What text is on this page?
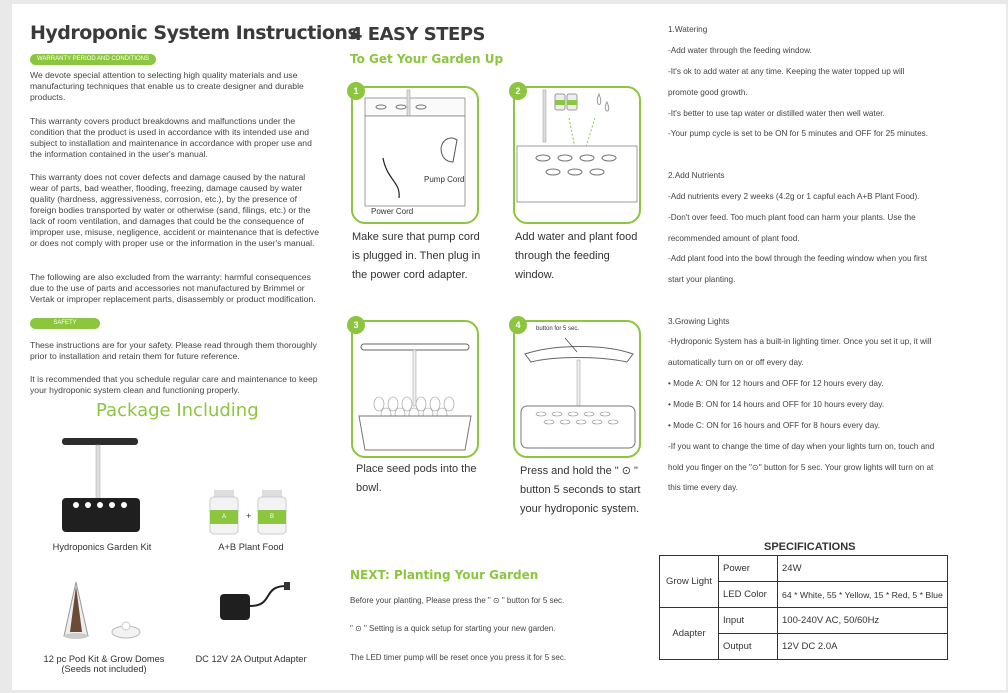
Hydroponic System Instructions
WARRANTY PERIOD AND CONDITIONS
We devote special attention to selecting high quality materials and use manufacturing techniques that enable us to create designer and durable products.
This warranty covers product breakdowns and malfunctions under the condition that the product is used in accordance with its intended use and subject to installation and maintenance in accordance with proper use and the information contained in the user's manual.
This warranty does not cover defects and damage caused by the natural wear of parts, bad weather, flooding, freezing, damage caused by water quality (hardness, aggressiveness, corrosion, etc.), by the presence of foreign bodies transported by water or otherwise (sand, filings, etc.) or the lack of room ventilation, and damages that could be the consequence of improper use, misuse, negligence, accident or maintenance that is defective or does not comply with proper use or the information in the user's manual.
The following are also excluded from the warranty: harmful consequences due to the use of parts and accessories not manufactured by Brimmel or Vertak or improper replacement parts, disassembly or product modification.
SAFETY
These instructions are for your safety. Please read through them thoroughly prior to installation and retain them for future reference.
It is recommended that you schedule regular care and maintenance to keep your hydroponic system clean and functioning properly.
Package Including
Hydroponics Garden Kit
A +	B
A+B Plant Food
12 pc Pod Kit & Grow Domes
(Seeds not included)
DC 12V 2A Output Adapter
4 EASY STEPS
To Get Your Garden Up
1
Pump Cord
Power Cord
Make sure that pump cord is plugged in. Then plug in the power cord adapter.
2
Add water and plant food through the feeding window.
3
Place seed pods into the bowl.
4	button for 5 sec.
Press and hold the " ⊙ " button 5 seconds to start your hydroponic system.
NEXT: Planting Your Garden
Before your planting, Please press the " ⊙ " button for 5 sec.
" ⊙ " Setting is a quick setup for starting your new garden.
The LED timer pump will be reset once you press it for 5 sec.
1.Watering
-Add water through the feeding window.
-It's ok to add water at any time. Keeping the water topped up will
promote good growth.
-It's better to use tap water or distilled water then well water.
-Your pump cycle is set to be ON for 5 minutes and OFF for 25 minutes.
2.Add Nutrients
-Add nutrients every 2 weeks (4.2g or 1 capful each A+B Plant Food).
-Don't over feed. Too much plant food can harm your plants. Use the
recommended amount of plant food.
-Add plant food into the bowl through the feeding window when you first
start your planting.
3.Growing Lights
-Hydroponic System has a built-in lighting timer. Once you set it up, it will
automatically turn on or off every day.
• Mode A: ON for 12 hours and OFF for 12 hours every day.
• Mode B: ON for 14 hours and OFF for 10 hours every day.
• Mode C: ON for 16 hours and OFF for 8 hours every day.
-If you want to change the time of day when your lights turn on, touch and
hold you finger on the "⊙" button for 5 sec. Your grow lights will turn on at
this time every day.
SPECIFICATIONS
Grow Light	Power	24W
	LED Color	64 * White, 55 * Yellow, 15 * Red, 5 * Blue
Adapter	Input	100-240V AC, 50/60Hz
	Output	12V DC 2.0A
